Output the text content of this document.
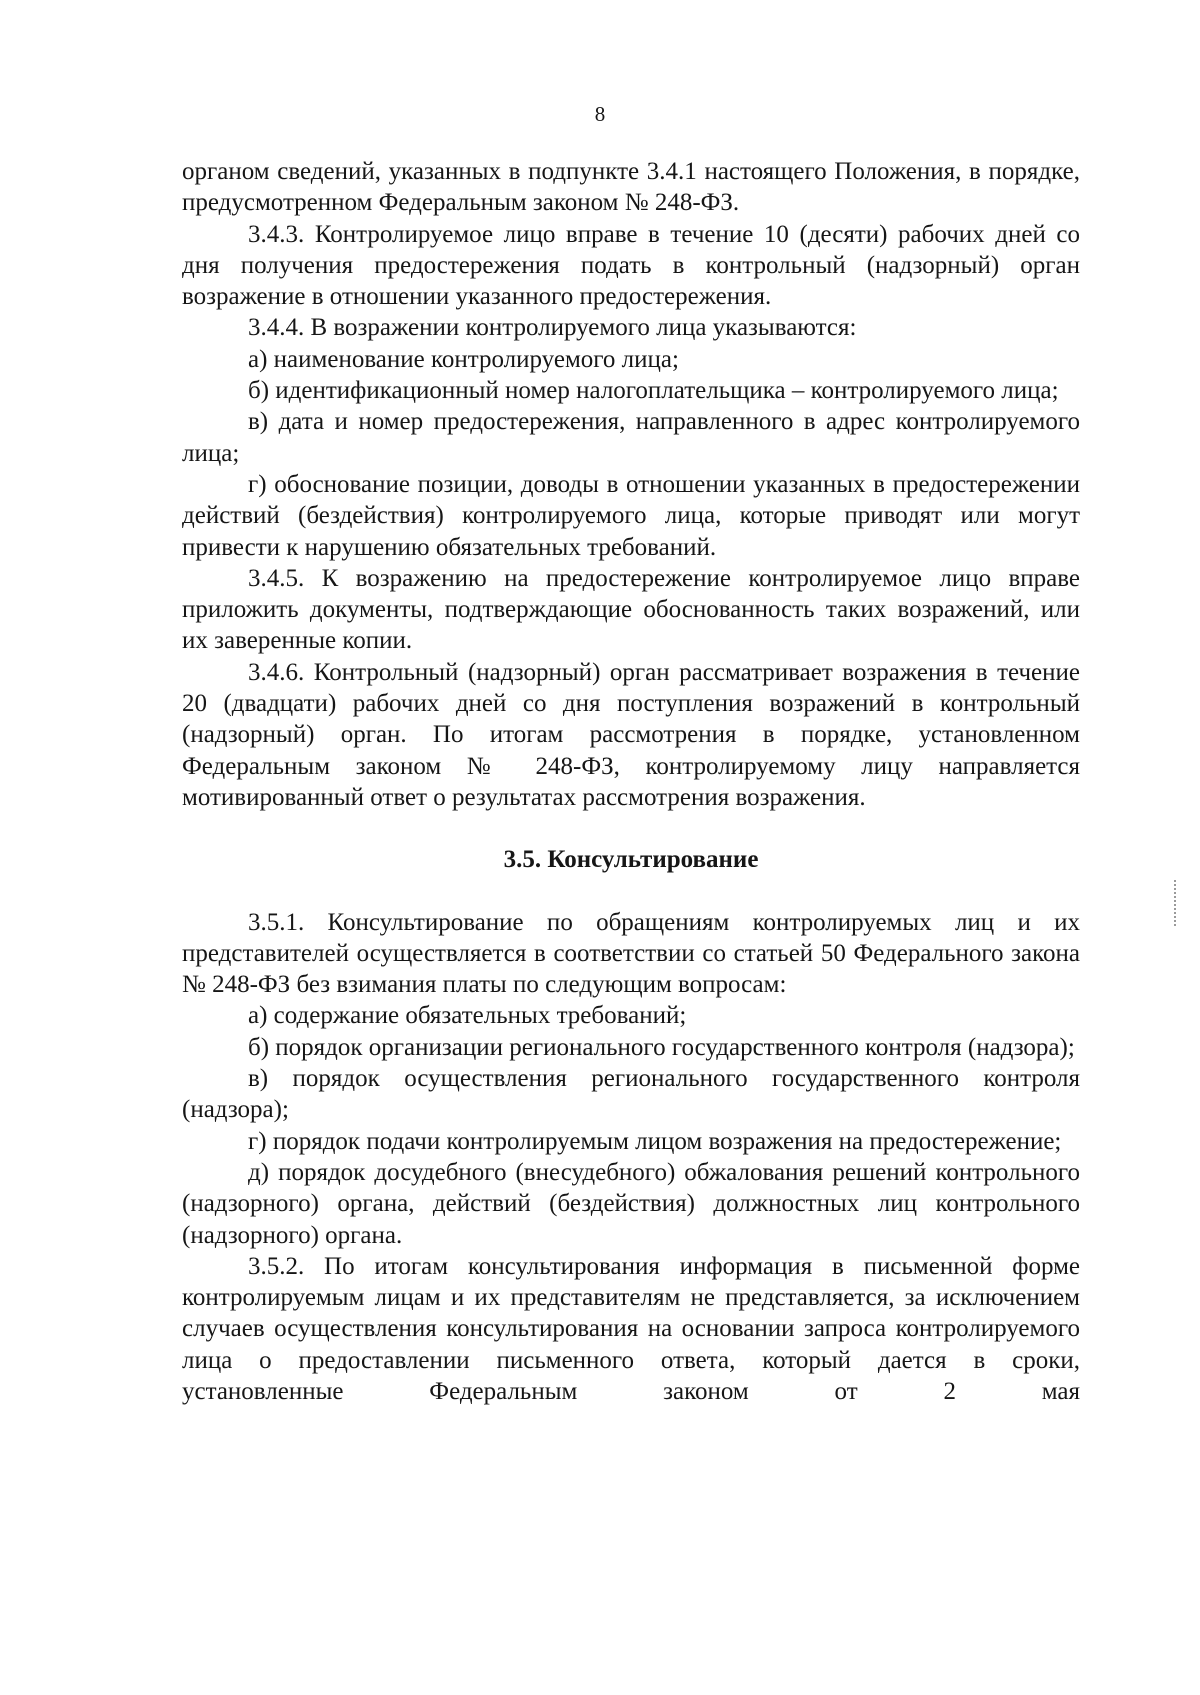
8

органом сведений, указанных в подпункте 3.4.1 настоящего Положения, в порядке, предусмотренном Федеральным законом № 248-ФЗ.

3.4.3. Контролируемое лицо вправе в течение 10 (десяти) рабочих дней со дня получения предостережения подать в контрольный (надзорный) орган возражение в отношении указанного предостережения.

3.4.4. В возражении контролируемого лица указываются:

а) наименование контролируемого лица;

б) идентификационный номер налогоплательщика – контролируемого лица;

в) дата и номер предостережения, направленного в адрес контролируемого лица;

г) обоснование позиции, доводы в отношении указанных в предостережении действий (бездействия) контролируемого лица, которые приводят или могут привести к нарушению обязательных требований.

3.4.5. К возражению на предостережение контролируемое лицо вправе приложить документы, подтверждающие обоснованность таких возражений, или их заверенные копии.

3.4.6. Контрольный (надзорный) орган рассматривает возражения в течение 20 (двадцати) рабочих дней со дня поступления возражений в контрольный (надзорный) орган. По итогам рассмотрения в порядке, установленном Федеральным законом № 248-ФЗ, контролируемому лицу направляется мотивированный ответ о результатах рассмотрения возражения.

3.5. Консультирование

3.5.1. Консультирование по обращениям контролируемых лиц и их представителей осуществляется в соответствии со статьей 50 Федерального закона № 248-ФЗ без взимания платы по следующим вопросам:

а) содержание обязательных требований;

б) порядок организации регионального государственного контроля (надзора);

в) порядок осуществления регионального государственного контроля (надзора);

г) порядок подачи контролируемым лицом возражения на предостережение;

д) порядок досудебного (внесудебного) обжалования решений контрольного (надзорного) органа, действий (бездействия) должностных лиц контрольного (надзорного) органа.

3.5.2. По итогам консультирования информация в письменной форме контролируемым лицам и их представителям не представляется, за исключением случаев осуществления консультирования на основании запроса контролируемого лица о предоставлении письменного ответа, который дается в сроки, установленные Федеральным законом от 2 мая
